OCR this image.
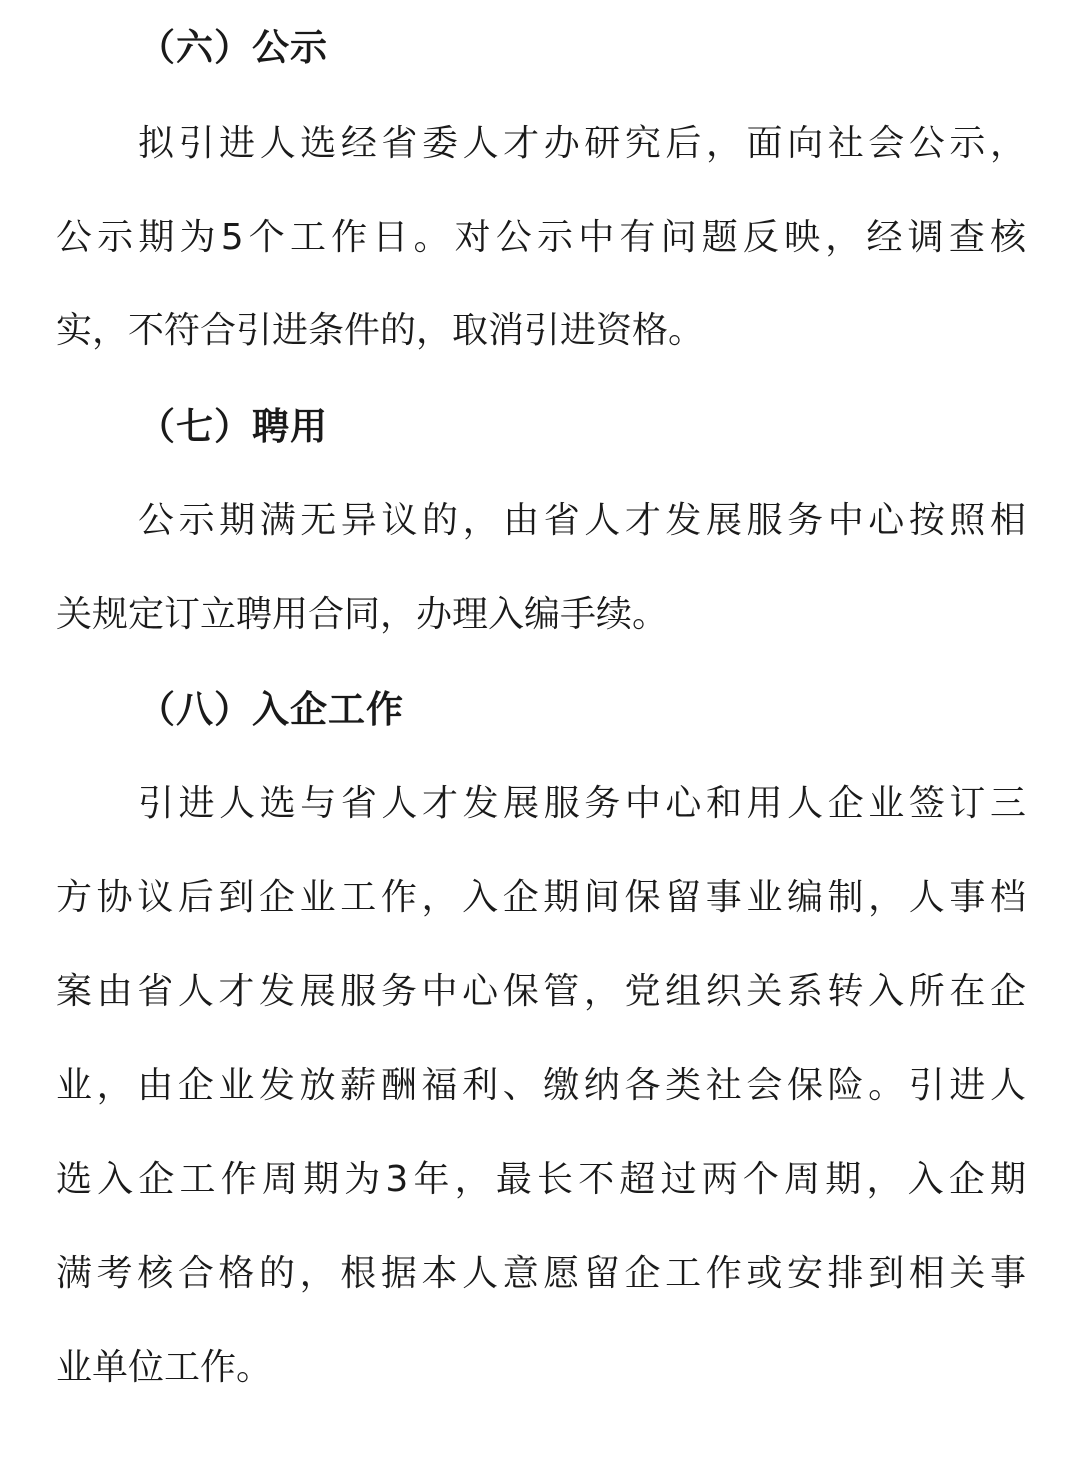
（六）公示
拟引进人选经省委人才办研究后，面向社会公示，
公示期为5个工作日。对公示中有问题反映，经调查核
实，不符合引进条件的，取消引进资格。
（七）聘用
公示期满无异议的，由省人才发展服务中心按照相
关规定订立聘用合同，办理入编手续。
（八）入企工作
引进人选与省人才发展服务中心和用人企业签订三
方协议后到企业工作，入企期间保留事业编制，人事档
案由省人才发展服务中心保管，党组织关系转入所在企
业，由企业发放薪酬福利、缴纳各类社会保险。引进人
选入企工作周期为3年，最长不超过两个周期，入企期
满考核合格的，根据本人意愿留企工作或安排到相关事
业单位工作。
